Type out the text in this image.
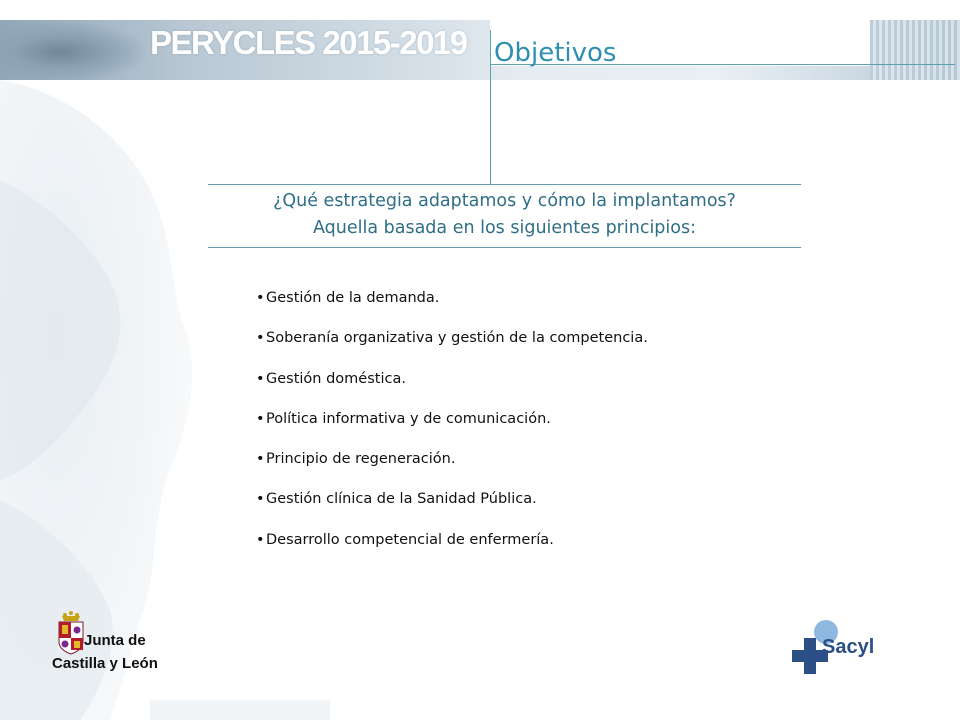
PERYCLES 2015-2019 Objetivos
¿Qué estrategia adaptamos y cómo la implantamos?
Aquella basada en los siguientes principios:
•Gestión de la demanda.
•Soberanía organizativa y gestión de la competencia.
•Gestión doméstica.
•Política informativa y de comunicación.
•Principio de regeneración.
•Gestión clínica de la Sanidad Pública.
•Desarrollo competencial de enfermería.
Junta de
Castilla y León
Sacyl
